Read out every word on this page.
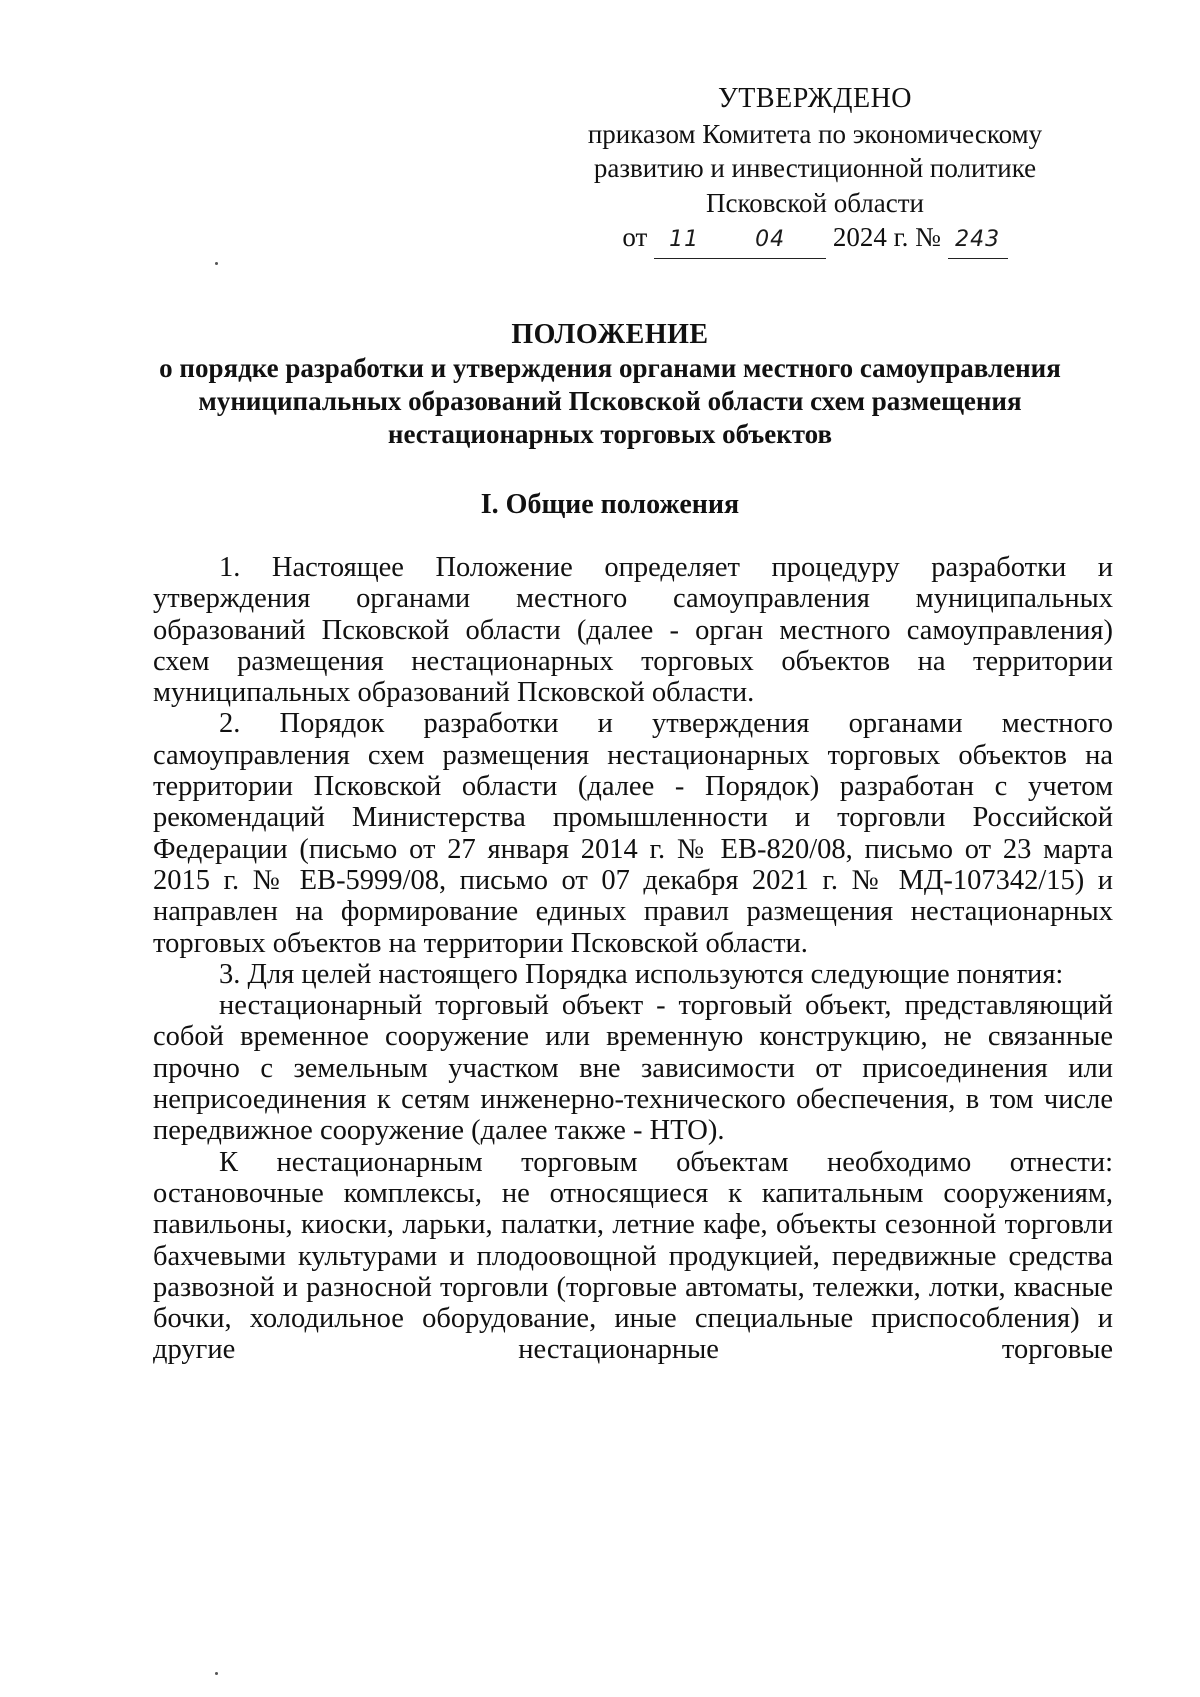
УТВЕРЖДЕНО
приказом Комитета по экономическому
развитию и инвестиционной политике
Псковской области
от 11	04 2024 г. № 243
ПОЛОЖЕНИЕ
о порядке разработки и утверждения органами местного самоуправления
муниципальных образований Псковской области схем размещения
нестационарных торговых объектов
I. Общие положения

1. Настоящее Положение определяет процедуру разработки и утверждения органами местного самоуправления муниципальных образований Псковской области (далее - орган местного самоуправления) схем размещения нестационарных торговых объектов на территории муниципальных образований Псковской области.

2. Порядок разработки и утверждения органами местного самоуправления схем размещения нестационарных торговых объектов на территории Псковской области (далее - Порядок) разработан с учетом рекомендаций Министерства промышленности и торговли Российской Федерации (письмо от 27 января 2014 г. № ЕВ-820/08, письмо от 23 марта 2015 г. № ЕВ-5999/08, письмо от 07 декабря 2021 г. № МД-107342/15) и направлен на формирование единых правил размещения нестационарных торговых объектов на территории Псковской области.

3. Для целей настоящего Порядка используются следующие понятия:

нестационарный торговый объект - торговый объект, представляющий собой временное сооружение или временную конструкцию, не связанные прочно с земельным участком вне зависимости от присоединения или неприсоединения к сетям инженерно-технического обеспечения, в том числе передвижное сооружение (далее также - НТО).

К нестационарным торговым объектам необходимо отнести: остановочные комплексы, не относящиеся к капитальным сооружениям, павильоны, киоски, ларьки, палатки, летние кафе, объекты сезонной торговли бахчевыми культурами и плодоовощной продукцией, передвижные средства развозной и разносной торговли (торговые автоматы, тележки, лотки, квасные бочки, холодильное оборудование, иные специальные приспособления) и другие нестационарные торговые
